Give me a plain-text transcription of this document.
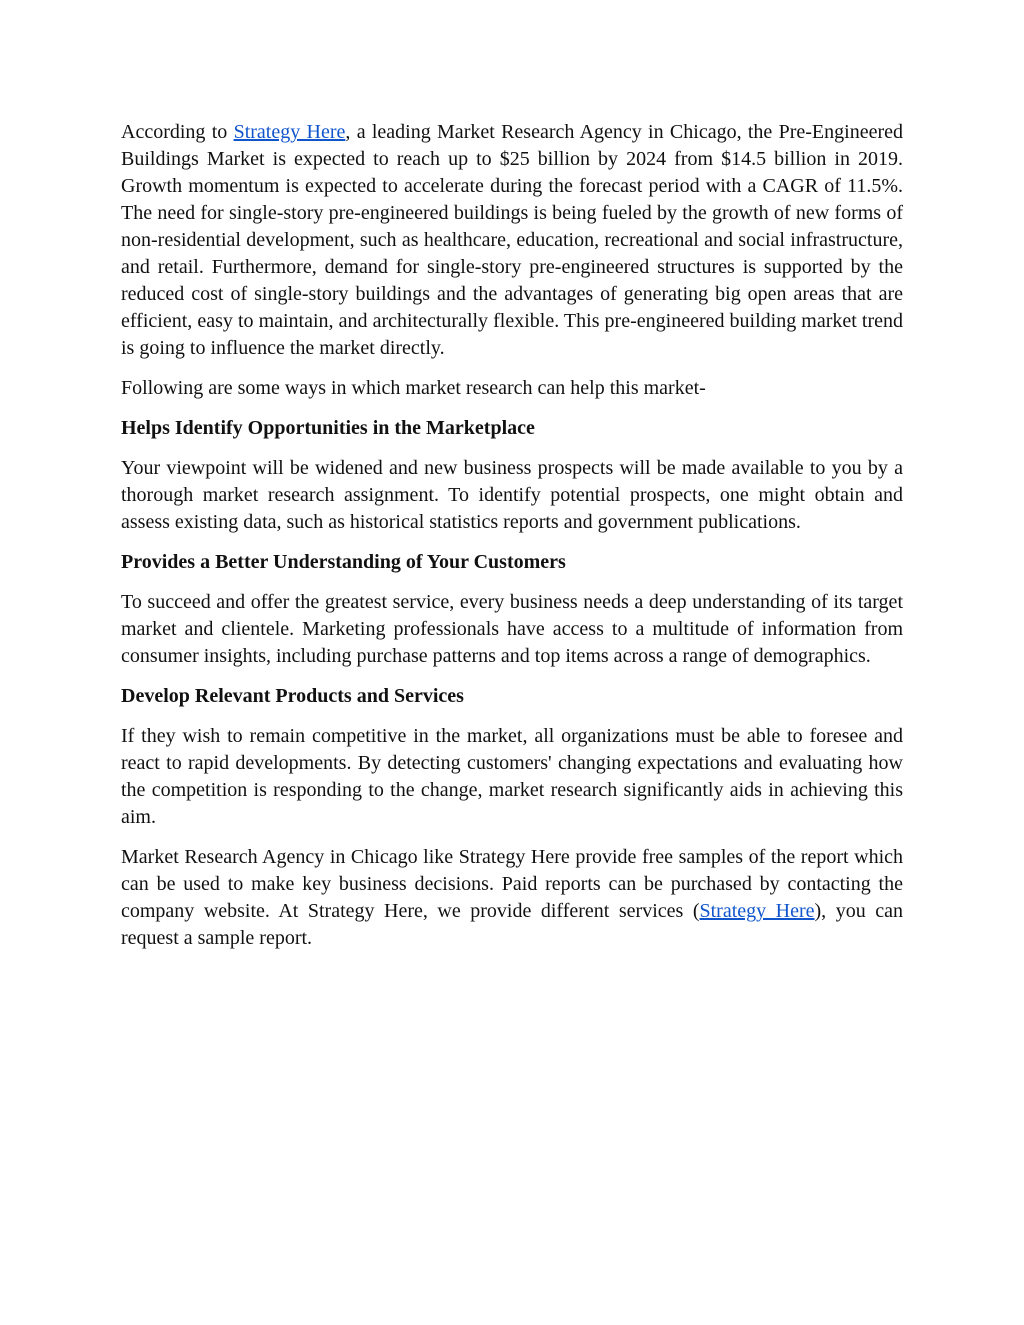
According to Strategy Here, a leading Market Research Agency in Chicago, the Pre-Engineered Buildings Market is expected to reach up to $25 billion by 2024 from $14.5 billion in 2019. Growth momentum is expected to accelerate during the forecast period with a CAGR of 11.5%. The need for single-story pre-engineered buildings is being fueled by the growth of new forms of non-residential development, such as healthcare, education, recreational and social infrastructure, and retail. Furthermore, demand for single-story pre-engineered structures is supported by the reduced cost of single-story buildings and the advantages of generating big open areas that are efficient, easy to maintain, and architecturally flexible. This pre-engineered building market trend is going to influence the market directly.

Following are some ways in which market research can help this market-

Helps Identify Opportunities in the Marketplace

Your viewpoint will be widened and new business prospects will be made available to you by a thorough market research assignment. To identify potential prospects, one might obtain and assess existing data, such as historical statistics reports and government publications.

Provides a Better Understanding of Your Customers

To succeed and offer the greatest service, every business needs a deep understanding of its target market and clientele. Marketing professionals have access to a multitude of information from consumer insights, including purchase patterns and top items across a range of demographics.

Develop Relevant Products and Services

If they wish to remain competitive in the market, all organizations must be able to foresee and react to rapid developments. By detecting customers' changing expectations and evaluating how the competition is responding to the change, market research significantly aids in achieving this aim.

Market Research Agency in Chicago like Strategy Here provide free samples of the report which can be used to make key business decisions. Paid reports can be purchased by contacting the company website. At Strategy Here, we provide different services (Strategy Here), you can request a sample report.
